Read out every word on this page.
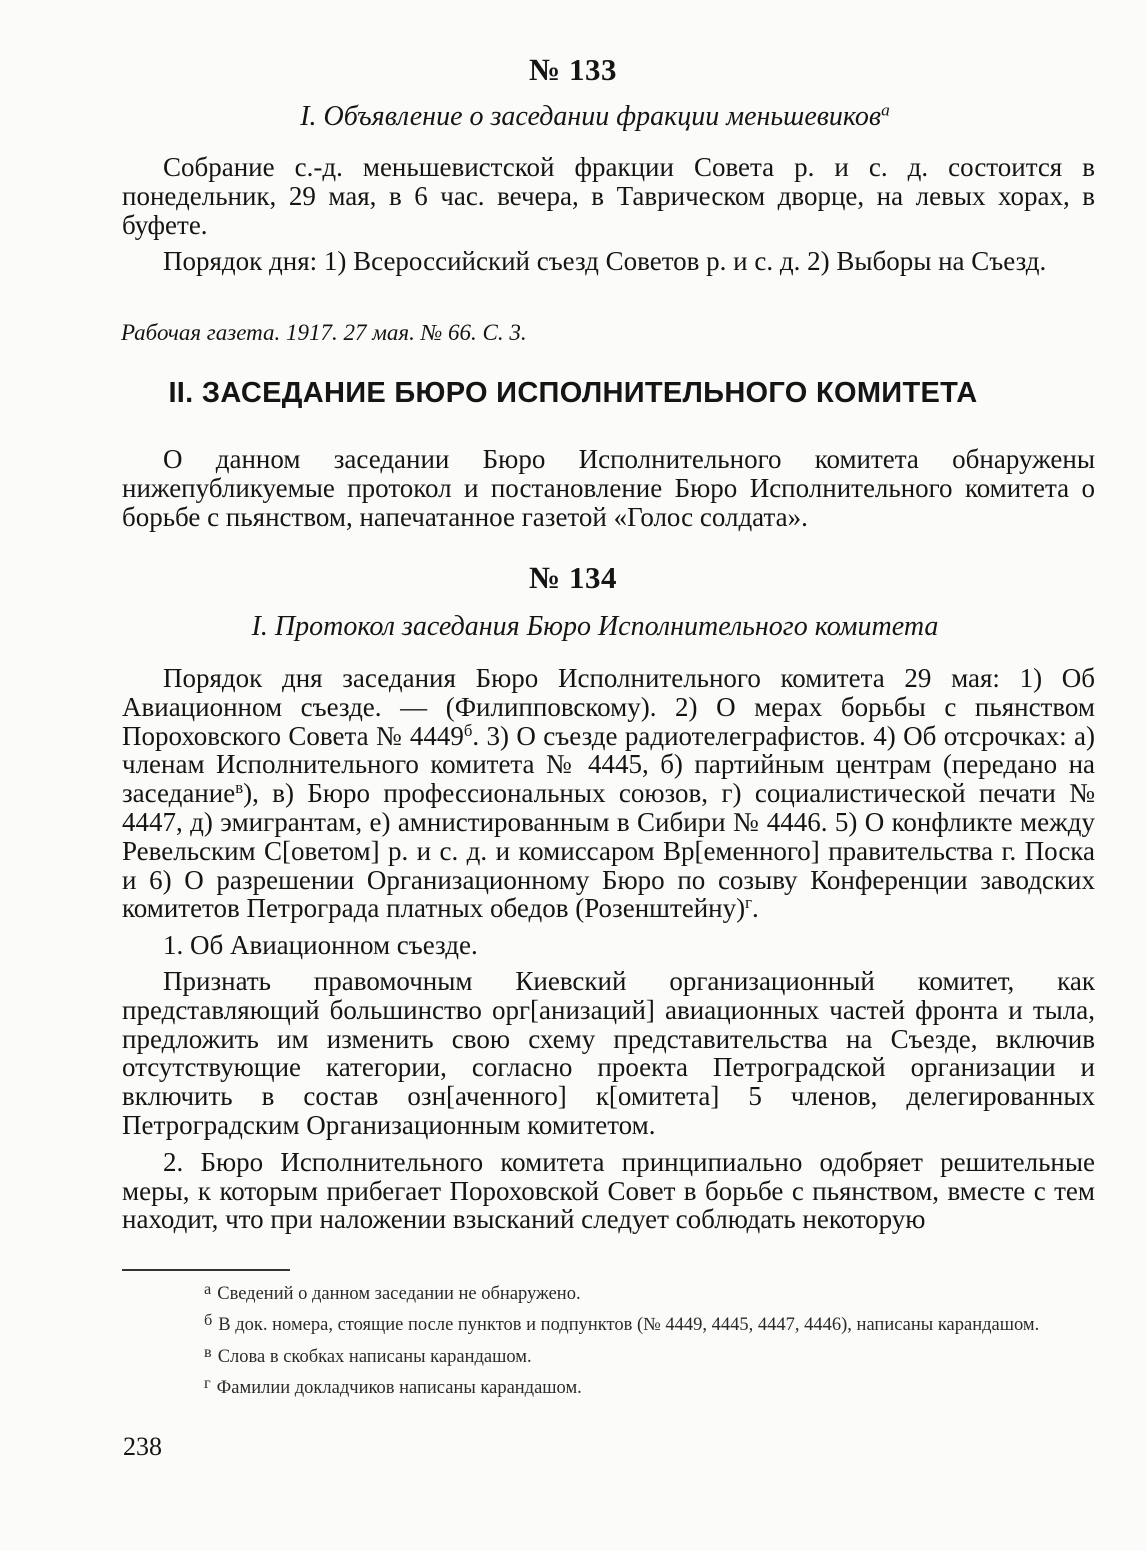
№ 133
I. Объявление о заседании фракции меньшевиков$^а$

Собрание с.-д. меньшевистской фракции Совета р. и с. д. состоится в понедельник, 29 мая, в 6 час. вечера, в Таврическом дворце, на левых хорах, в буфете.

Порядок дня: 1) Всероссийский съезд Советов р. и с. д. 2) Выборы на Съезд.

Рабочая газета. 1917. 27 мая. № 66. С. 3.
II. ЗАСЕДАНИЕ БЮРО ИСПОЛНИТЕЛЬНОГО КОМИТЕТА

О данном заседании Бюро Исполнительного комитета обнаружены нижепубликуемые протокол и постановление Бюро Исполнительного комитета о борьбе с пьянством, напечатанное газетой «Голос солдата».

№ 134
I. Протокол заседания Бюро Исполнительного комитета

Порядок дня заседания Бюро Исполнительного комитета 29 мая: 1) Об Авиационном съезде. — (Филипповскому). 2) О мерах борьбы с пьянством Пороховского Совета № $4449^б$. 3) О съезде радиотелеграфистов. 4) Об отсрочках: а) членам Исполнительного комитета № 4445, б) партийным центрам (передано на заседание$^в$), в) Бюро профессиональных союзов, г) социалистической печати № 4447, д) эмигрантам, е) амнистированным в Сибири № 4446. 5) О конфликте между Ревельским С[оветом] р. и с. д. и комиссаром Вр[еменного] правительства г. Поска и 6) О разрешении Организационному Бюро по созыву Конференции заводских комитетов Петрограда платных обедов (Розенштейну)$^г$.

1. Об Авиационном съезде.

Признать правомочным Киевский организационный комитет, как представляющий большинство орг[анизаций] авиационных частей фронта и тыла, предложить им изменить свою схему представительства на Съезде, включив отсутствующие категории, согласно проекта Петроградской организации и включить в состав озн[аченного] к[омитета] 5 членов, делегированных Петроградским Организационным комитетом.

2. Бюро Исполнительного комитета принципиально одобряет решительные меры, к которым прибегает Пороховской Совет в борьбе с пьянством, вместе с тем находит, что при наложении взысканий следует соблюдать некоторую

а Сведений о данном заседании не обнаружено.

б В док. номера, стоящие после пунктов и подпунктов (№ 4449, 4445, 4447, 4446), написаны карандашом.

в Слова в скобках написаны карандашом.

г Фамилии докладчиков написаны карандашом.

238
